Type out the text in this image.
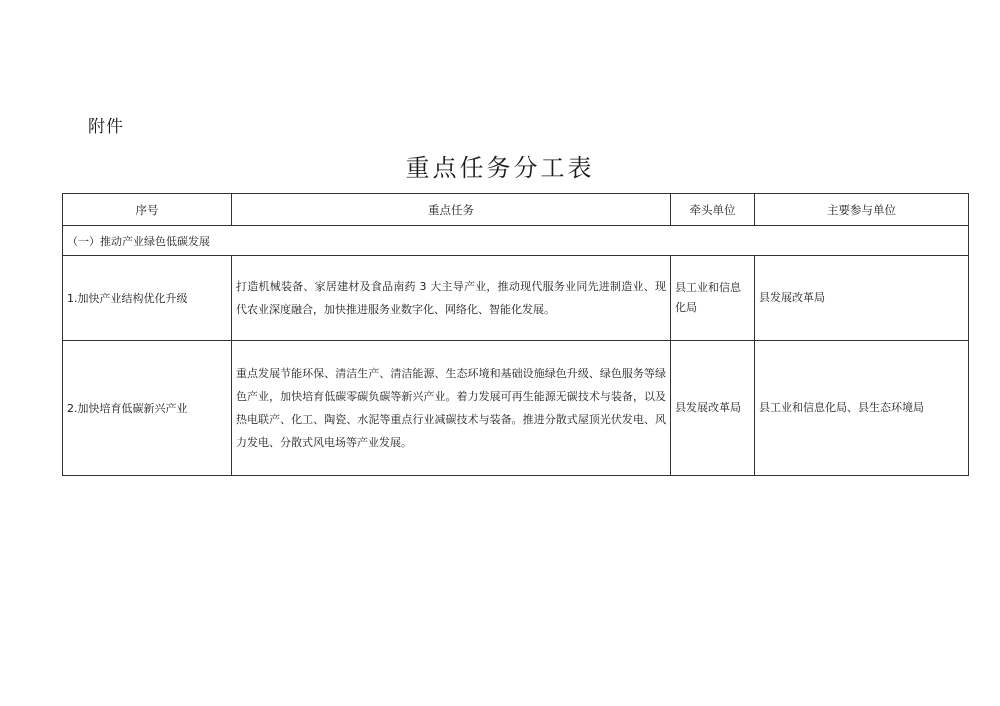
附件
重点任务分工表
序号	重点任务	牵头单位	主要参与单位
（一）推动产业绿色低碳发展			
1.加快产业结构优化升级	打造机械装备、家居建材及食品南药 3 大主导产业，推动现代服务业同先进制造业、现代农业深度融合，加快推进服务业数字化、网络化、智能化发展。	县工业和信息化局	县发展改革局
2.加快培育低碳新兴产业	重点发展节能环保、清洁生产、清洁能源、生态环境和基础设施绿色升级、绿色服务等绿色产业，加快培育低碳零碳负碳等新兴产业。着力发展可再生能源无碳技术与装备，以及热电联产、化工、陶瓷、水泥等重点行业减碳技术与装备。推进分散式屋顶光伏发电、风力发电、分散式风电场等产业发展。	县发展改革局	县工业和信息化局、县生态环境局
